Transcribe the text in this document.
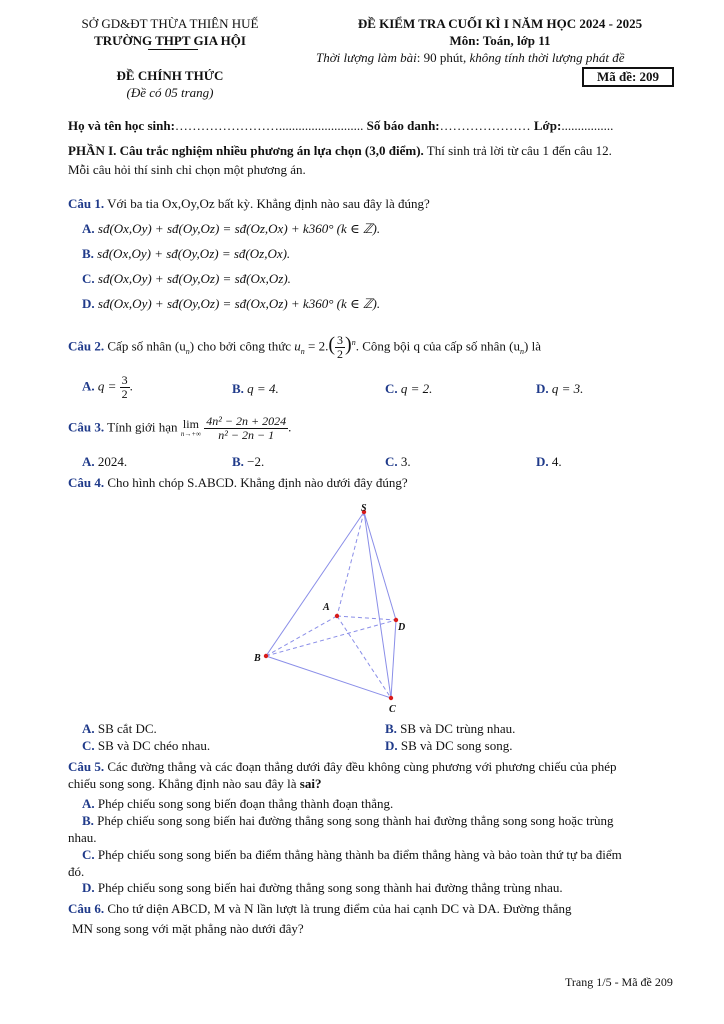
SỞ GD&ĐT THỪA THIÊN HUẾ
TRƯỜNG THPT GIA HỘI
ĐỀ CHÍNH THỨC
(Đề có 05 trang)
ĐỀ KIỂM TRA CUỐI KÌ I NĂM HỌC 2024 - 2025
Môn: Toán, lớp 11
Thời lượng làm bài: 90 phút, không tính thời lượng phát đề
Mã đề: 209
Họ và tên học sinh:…………………….......................... Số báo danh:………………… Lớp:................
PHẦN I. Câu trắc nghiệm nhiều phương án lựa chọn (3,0 điểm). Thí sinh trả lời từ câu 1 đến câu 12.
Mỗi câu hỏi thí sinh chỉ chọn một phương án.
Câu 1. Với ba tia Ox,Oy,Oz bất kỳ. Khẳng định nào sau đây là đúng?
A. sđ(Ox,Oy) + sđ(Oy,Oz) = sđ(Oz,Ox) + k360° (k ∈ ℤ).
B. sđ(Ox,Oy) + sđ(Oy,Oz) = sđ(Oz,Ox).
C. sđ(Ox,Oy) + sđ(Oy,Oz) = sđ(Ox,Oz).
D. sđ(Ox,Oy) + sđ(Oy,Oz) = sđ(Ox,Oz) + k360° (k ∈ ℤ).
Câu 2. Cấp số nhân $(u_n)$ cho bởi công thức $u_n = 2.( \frac{3}{2} )^n$. Công bội q của cấp số nhân $(u_n)$ là
A. $q = \frac{3}{2}$ .	B. q = 4.	C. q = 2.	D. q = 3.
Câu 3. Tính giới hạn lim
n→+∞
$\frac{\text{4n² − 2n + 2024}}{\text{n² − 2n − 1}}$ .
A. 2024.	B. −2.	C. 3.	D. 4.
Câu 4. Cho hình chóp S.ABCD. Khẳng định nào dưới đây đúng?
S
A
B
C
D
A. SB cắt DC.	B. SB và DC trùng nhau.
C. SB và DC chéo nhau.	D. SB và DC song song.
Câu 5. Các đường thẳng và các đoạn thẳng dưới đây đều không cùng phương với phương chiếu của phép
chiếu song song. Khẳng định nào sau đây là sai?
A. Phép chiếu song song biến đoạn thẳng thành đoạn thẳng.
B. Phép chiếu song song biến hai đường thẳng song song thành hai đường thẳng song song hoặc trùng
nhau.
C. Phép chiếu song song biến ba điểm thẳng hàng thành ba điểm thẳng hàng và bảo toàn thứ tự ba điểm
đó.
D. Phép chiếu song song biến hai đường thẳng song song thành hai đường thẳng trùng nhau.
Câu 6. Cho tứ diện ABCD, M và N lần lượt là trung điểm của hai cạnh DC và DA. Đường thẳng
MN song song với mặt phẳng nào dưới đây?
Trang 1/5 - Mã đề 209
